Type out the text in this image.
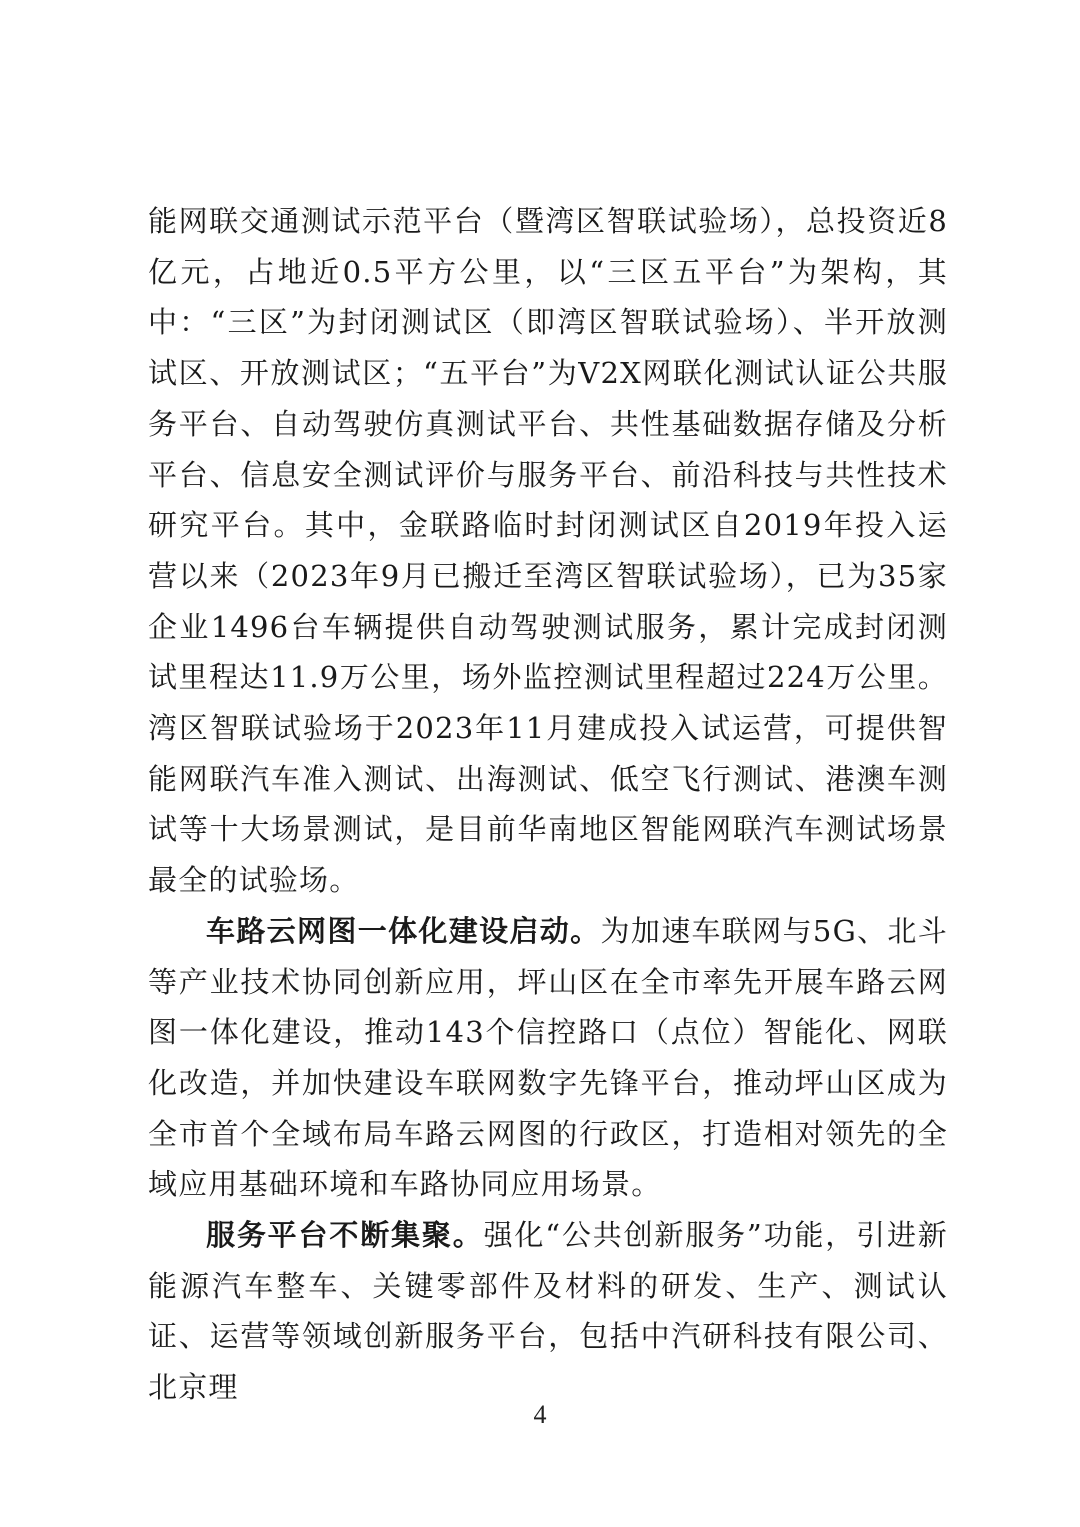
能网联交通测试示范平台（暨湾区智联试验场），总投资近8亿元，占地近0.5平方公里，以“三区五平台”为架构，其中：“三区”为封闭测试区（即湾区智联试验场）、半开放测试区、开放测试区；“五平台”为V2X网联化测试认证公共服务平台、自动驾驶仿真测试平台、共性基础数据存储及分析平台、信息安全测试评价与服务平台、前沿科技与共性技术研究平台。其中，金联路临时封闭测试区自2019年投入运营以来（2023年9月已搬迁至湾区智联试验场），已为35家企业1496台车辆提供自动驾驶测试服务，累计完成封闭测试里程达11.9万公里，场外监控测试里程超过224万公里。湾区智联试验场于2023年11月建成投入试运营，可提供智能网联汽车准入测试、出海测试、低空飞行测试、港澳车测试等十大场景测试，是目前华南地区智能网联汽车测试场景最全的试验场。

车路云网图一体化建设启动。为加速车联网与5G、北斗等产业技术协同创新应用，坪山区在全市率先开展车路云网图一体化建设，推动143个信控路口（点位）智能化、网联化改造，并加快建设车联网数字先锋平台，推动坪山区成为全市首个全域布局车路云网图的行政区，打造相对领先的全域应用基础环境和车路协同应用场景。

服务平台不断集聚。强化“公共创新服务”功能，引进新能源汽车整车、关键零部件及材料的研发、生产、测试认证、运营等领域创新服务平台，包括中汽研科技有限公司、北京理

4
